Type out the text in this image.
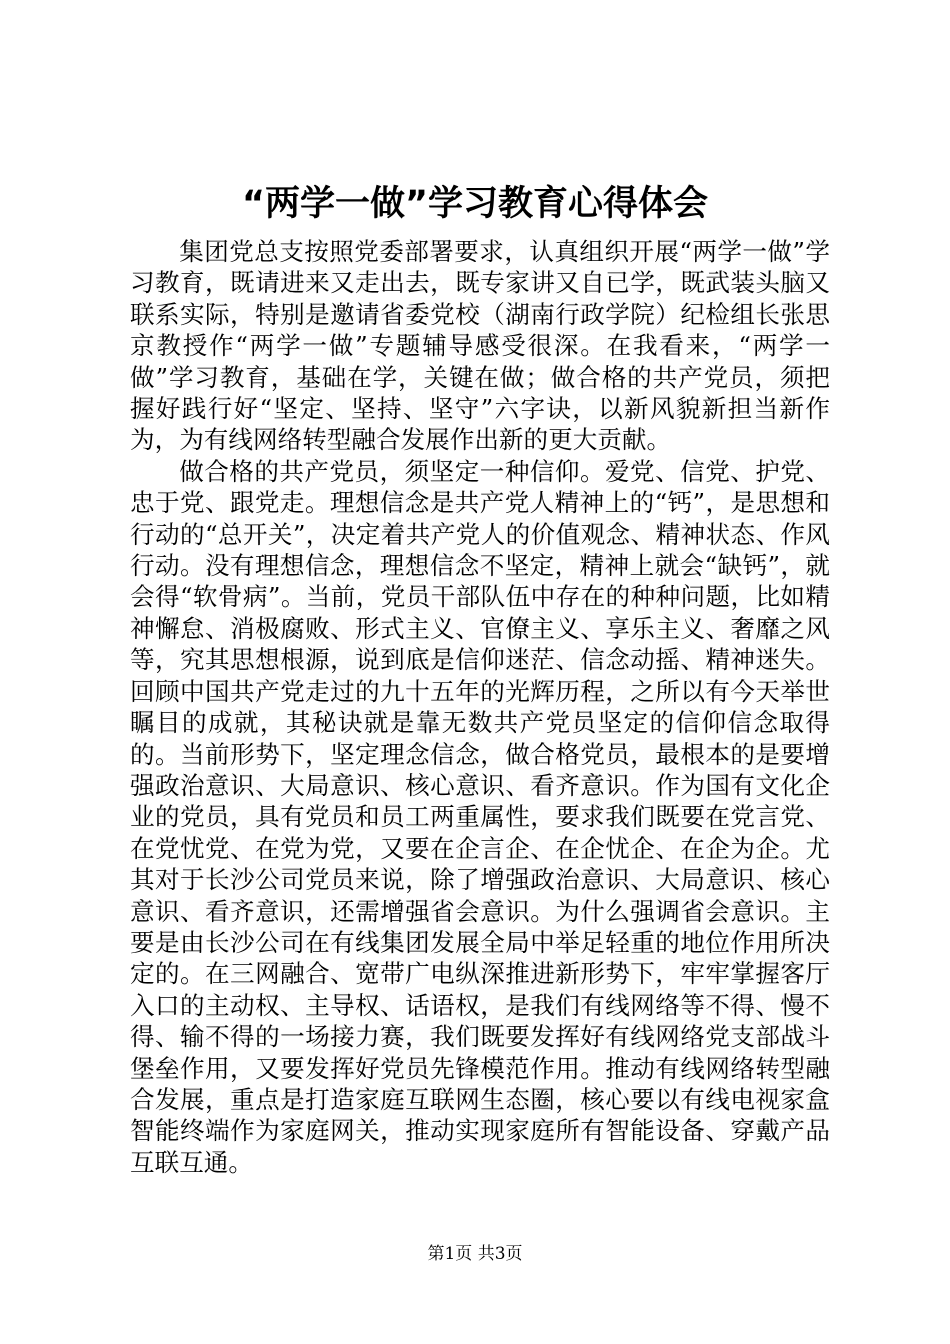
“两学一做”学习教育心得体会

集团党总支按照党委部署要求，认真组织开展“两学一做”学习教育，既请进来又走出去，既专家讲又自已学，既武装头脑又联系实际，特别是邀请省委党校（湖南行政学院）纪检组长张思京教授作“两学一做”专题辅导感受很深。在我看来，“两学一做”学习教育，基础在学，关键在做；做合格的共产党员，须把握好践行好“坚定、坚持、坚守”六字诀，以新风貌新担当新作为，为有线网络转型融合发展作出新的更大贡献。

做合格的共产党员，须坚定一种信仰。爱党、信党、护党、忠于党、跟党走。理想信念是共产党人精神上的“钙”，是思想和行动的“总开关”，决定着共产党人的价值观念、精神状态、作风行动。没有理想信念，理想信念不坚定，精神上就会“缺钙”，就会得“软骨病”。当前，党员干部队伍中存在的种种问题，比如精神懈怠、消极腐败、形式主义、官僚主义、享乐主义、奢靡之风等，究其思想根源，说到底是信仰迷茫、信念动摇、精神迷失。回顾中国共产党走过的九十五年的光辉历程，之所以有今天举世瞩目的成就，其秘诀就是靠无数共产党员坚定的信仰信念取得的。当前形势下，坚定理念信念，做合格党员，最根本的是要增强政治意识、大局意识、核心意识、看齐意识。作为国有文化企业的党员，具有党员和员工两重属性，要求我们既要在党言党、在党忧党、在党为党，又要在企言企、在企忧企、在企为企。尤其对于长沙公司党员来说，除了增强政治意识、大局意识、核心意识、看齐意识，还需增强省会意识。为什么强调省会意识。主要是由长沙公司在有线集团发展全局中举足轻重的地位作用所决定的。在三网融合、宽带广电纵深推进新形势下，牢牢掌握客厅入口的主动权、主导权、话语权，是我们有线网络等不得、慢不得、输不得的一场接力赛，我们既要发挥好有线网络党支部战斗堡垒作用，又要发挥好党员先锋模范作用。推动有线网络转型融合发展，重点是打造家庭互联网生态圈，核心要以有线电视家盒智能终端作为家庭网关，推动实现家庭所有智能设备、穿戴产品互联互通。

第1页 共3页
